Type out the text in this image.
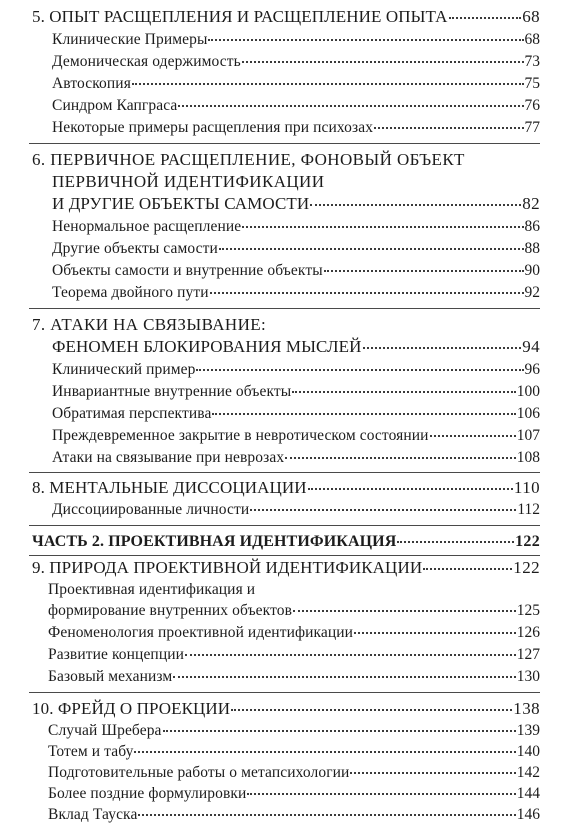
5. ОПЫТ РАСЩЕПЛЕНИЯ И РАСЩЕПЛЕНИЕ ОПЫТА	68
Клинические Примеры	68
Демоническая одержимость	73
Автоскопия	75
Синдром Капграса	76
Некоторые примеры расщепления при психозах	77
6. ПЕРВИЧНОЕ РАСЩЕПЛЕНИЕ, ФОНОВЫЙ ОБЪЕКТ
ПЕРВИЧНОЙ ИДЕНТИФИКАЦИИ
И ДРУГИЕ ОБЪЕКТЫ САМОСТИ	82
Ненормальное расщепление	86
Другие объекты самости	88
Объекты самости и внутренние объекты	90
Теорема двойного пути	92
7. АТАКИ НА СВЯЗЫВАНИЕ:
ФЕНОМЕН БЛОКИРОВАНИЯ МЫСЛЕЙ	94
Клинический пример	96
Инвариантные внутренние объекты	100
Обратимая перспектива	106
Преждевременное закрытие в невротическом состоянии	107
Атаки на связывание при неврозах	108
8. МЕНТАЛЬНЫЕ ДИССОЦИАЦИИ	110
Диссоциированные личности	112
ЧАСТЬ 2. ПРОЕКТИВНАЯ ИДЕНТИФИКАЦИЯ	122
9. ПРИРОДА ПРОЕКТИВНОЙ ИДЕНТИФИКАЦИИ	122
Проективная идентификация и
формирование внутренних объектов	125
Феноменология проективной идентификации	126
Развитие концепции	127
Базовый механизм	130
10. ФРЕЙД О ПРОЕКЦИИ	138
Случай Шребера	139
Тотем и табу	140
Подготовительные работы о метапсихологии	142
Более поздние формулировки	144
Вклад Тауска	146
